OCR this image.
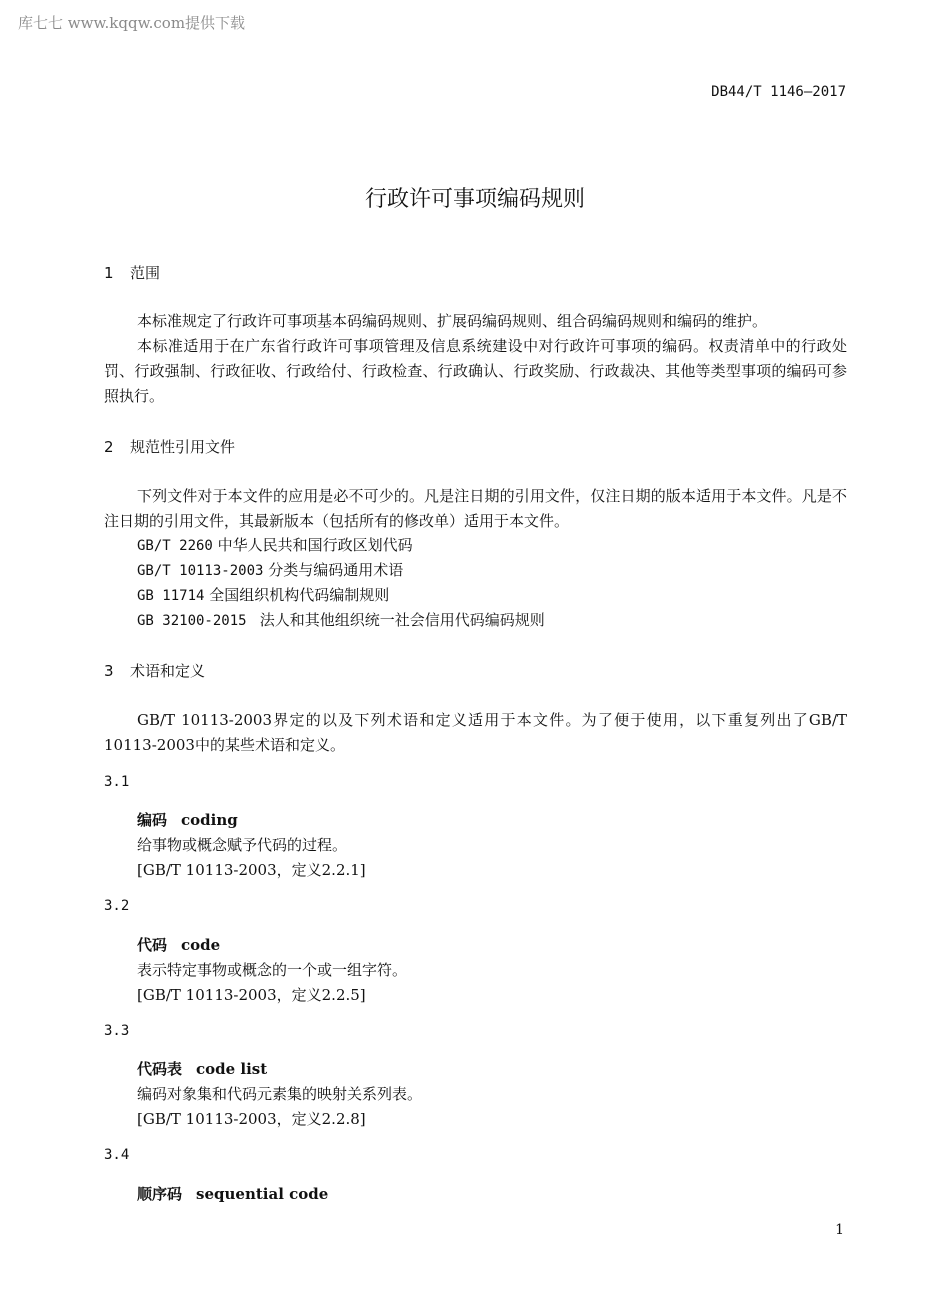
库七七 www.kqqw.com提供下载
DB44/T 1146—2017
行政许可事项编码规则
1 范围
本标准规定了行政许可事项基本码编码规则、扩展码编码规则、组合码编码规则和编码的维护。
本标准适用于在广东省行政许可事项管理及信息系统建设中对行政许可事项的编码。权责清单中的行政处罚、行政强制、行政征收、行政给付、行政检查、行政确认、行政奖励、行政裁决、其他等类型事项的编码可参照执行。
2 规范性引用文件
下列文件对于本文件的应用是必不可少的。凡是注日期的引用文件，仅注日期的版本适用于本文件。凡是不注日期的引用文件，其最新版本（包括所有的修改单）适用于本文件。
GB/T 2260 中华人民共和国行政区划代码
GB/T 10113-2003 分类与编码通用术语
GB 11714 全国组织机构代码编制规则
GB 32100-2015  法人和其他组织统一社会信用代码编码规则
3 术语和定义
GB/T 10113-2003界定的以及下列术语和定义适用于本文件。为了便于使用，以下重复列出了GB/T 10113-2003中的某些术语和定义。
3.1
编码 coding
给事物或概念赋予代码的过程。
[GB/T 10113-2003，定义2.2.1]
3.2
代码 code
表示特定事物或概念的一个或一组字符。
[GB/T 10113-2003，定义2.2.5]
3.3
代码表 code list
编码对象集和代码元素集的映射关系列表。
[GB/T 10113-2003，定义2.2.8]
3.4
顺序码 sequential code
1
